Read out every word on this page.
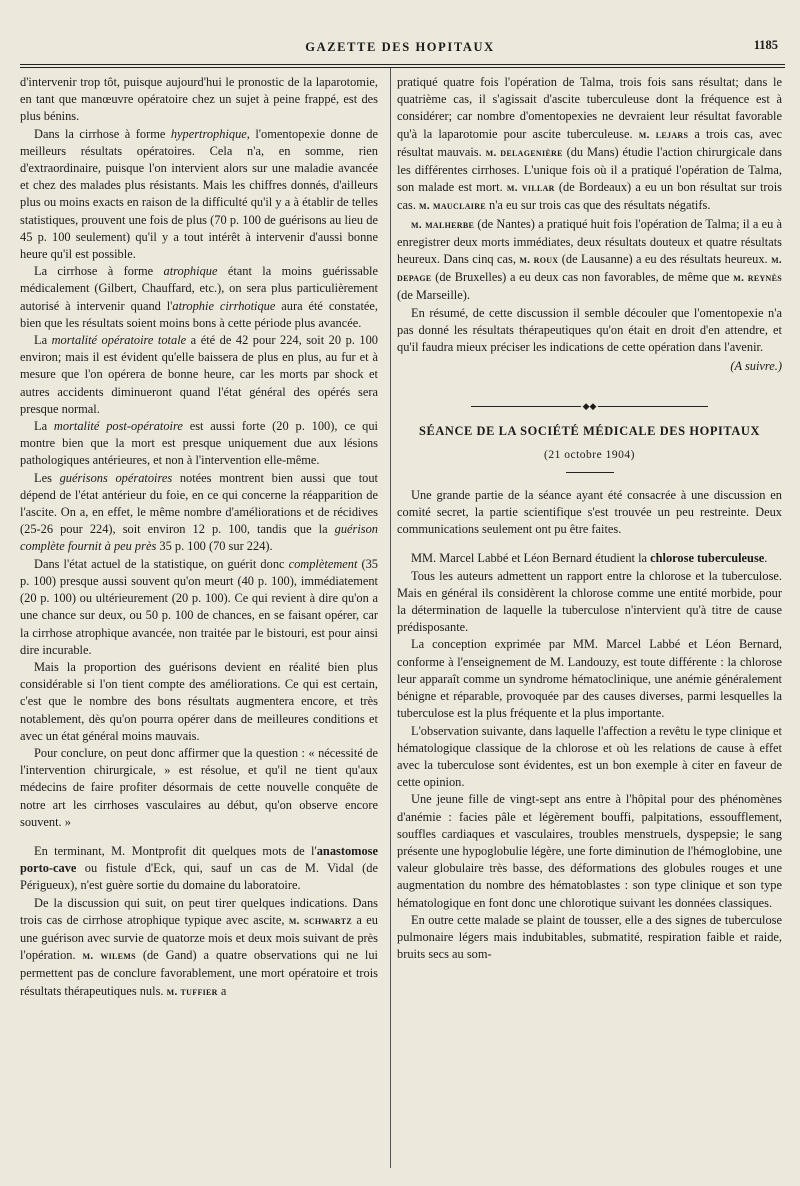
GAZETTE DES HOPITAUX	1185

d'intervenir trop tôt, puisque aujourd'hui le pronostic de la laparotomie, en tant que manœuvre opératoire chez un sujet à peine frappé, est des plus bénins.

Dans la cirrhose à forme hypertrophique, l'omentopexie donne de meilleurs résultats opératoires. Cela n'a, en somme, rien d'extraordinaire, puisque l'on intervient alors sur une maladie avancée et chez des malades plus résistants. Mais les chiffres donnés, d'ailleurs plus ou moins exacts en raison de la difficulté qu'il y a à établir de telles statistiques, prouvent une fois de plus (70 p. 100 de guérisons au lieu de 45 p. 100 seulement) qu'il y a tout intérêt à intervenir d'aussi bonne heure qu'il est possible.

La cirrhose à forme atrophique étant la moins guérissable médicalement (Gilbert, Chauffard, etc.), on sera plus particulièrement autorisé à intervenir quand l'atrophie cirrhotique aura été constatée, bien que les résultats soient moins bons à cette période plus avancée.

La mortalité opératoire totale a été de 42 pour 224, soit 20 p. 100 environ; mais il est évident qu'elle baissera de plus en plus, au fur et à mesure que l'on opérera de bonne heure, car les morts par shock et autres accidents diminueront quand l'état général des opérés sera presque normal.

La mortalité post-opératoire est aussi forte (20 p. 100), ce qui montre bien que la mort est presque uniquement due aux lésions pathologiques antérieures, et non à l'intervention elle-même.

Les guérisons opératoires notées montrent bien aussi que tout dépend de l'état antérieur du foie, en ce qui concerne la réapparition de l'ascite. On a, en effet, le même nombre d'améliorations et de récidives (25-26 pour 224), soit environ 12 p. 100, tandis que la guérison complète fournit à peu près 35 p. 100 (70 sur 224).

Dans l'état actuel de la statistique, on guérit donc complètement (35 p. 100) presque aussi souvent qu'on meurt (40 p. 100), immédiatement (20 p. 100) ou ultérieurement (20 p. 100). Ce qui revient à dire qu'on a une chance sur deux, ou 50 p. 100 de chances, en se faisant opérer, car la cirrhose atrophique avancée, non traitée par le bistouri, est pour ainsi dire incurable.

Mais la proportion des guérisons devient en réalité bien plus considérable si l'on tient compte des améliorations. Ce qui est certain, c'est que le nombre des bons résultats augmentera encore, et très notablement, dès qu'on pourra opérer dans de meilleures conditions et avec un état général moins mauvais.

Pour conclure, on peut donc affirmer que la question : « nécessité de l'intervention chirurgicale, » est résolue, et qu'il ne tient qu'aux médecins de faire profiter désormais de cette nouvelle conquête de notre art les cirrhoses vasculaires au début, qu'on observe encore souvent. »

En terminant, M. Montprofit dit quelques mots de l'anastomose porto-cave ou fistule d'Eck, qui, sauf un cas de M. Vidal (de Périgueux), n'est guère sortie du domaine du laboratoire.

De la discussion qui suit, on peut tirer quelques indications. Dans trois cas de cirrhose atrophique typique avec ascite, m. schwartz a eu une guérison avec survie de quatorze mois et deux mois suivant de près l'opération. m. wilems (de Gand) a quatre observations qui ne lui permettent pas de conclure favorablement, une mort opératoire et trois résultats thérapeutiques nuls. m. tuffier a

pratiqué quatre fois l'opération de Talma, trois fois sans résultat; dans le quatrième cas, il s'agissait d'ascite tuberculeuse dont la fréquence est à considérer; car nombre d'omentopexies ne devraient leur résultat favorable qu'à la laparotomie pour ascite tuberculeuse. m. lejars a trois cas, avec résultat mauvais. m. delagenière (du Mans) étudie l'action chirurgicale dans les différentes cirrhoses. L'unique fois où il a pratiqué l'opération de Talma, son malade est mort. m. villar (de Bordeaux) a eu un bon résultat sur trois cas. m. mauclaire n'a eu sur trois cas que des résultats négatifs.

m. malherbe (de Nantes) a pratiqué huit fois l'opération de Talma; il a eu à enregistrer deux morts immédiates, deux résultats douteux et quatre résultats heureux. Dans cinq cas, m. roux (de Lausanne) a eu des résultats heureux. m. depage (de Bruxelles) a eu deux cas non favorables, de même que m. reynès (de Marseille).

En résumé, de cette discussion il semble découler que l'omentopexie n'a pas donné les résultats thérapeutiques qu'on était en droit d'en attendre, et qu'il faudra mieux préciser les indications de cette opération dans l'avenir.

(A suivre.)
◆◆
SÉANCE DE LA SOCIÉTÉ MÉDICALE DES HOPITAUX
(21 octobre 1904)

Une grande partie de la séance ayant été consacrée à une discussion en comité secret, la partie scientifique s'est trouvée un peu restreinte. Deux communications seulement ont pu être faites.

MM. Marcel Labbé et Léon Bernard étudient la chlorose tuberculeuse.

Tous les auteurs admettent un rapport entre la chlorose et la tuberculose. Mais en général ils considèrent la chlorose comme une entité morbide, pour la détermination de laquelle la tuberculose n'intervient qu'à titre de cause prédisposante.

La conception exprimée par MM. Marcel Labbé et Léon Bernard, conforme à l'enseignement de M. Landouzy, est toute différente : la chlorose leur apparaît comme un syndrome hématoclinique, une anémie généralement bénigne et réparable, provoquée par des causes diverses, parmi lesquelles la tuberculose est la plus fréquente et la plus importante.

L'observation suivante, dans laquelle l'affection a revêtu le type clinique et hématologique classique de la chlorose et où les relations de cause à effet avec la tuberculose sont évidentes, est un bon exemple à citer en faveur de cette opinion.

Une jeune fille de vingt-sept ans entre à l'hôpital pour des phénomènes d'anémie : facies pâle et légèrement bouffi, palpitations, essoufflement, souffles cardiaques et vasculaires, troubles menstruels, dyspepsie; le sang présente une hypoglobulie légère, une forte diminution de l'hémoglobine, une valeur globulaire très basse, des déformations des globules rouges et une augmentation du nombre des hématoblastes : son type clinique et son type hématologique en font donc une chlorotique suivant les données classiques.

En outre cette malade se plaint de tousser, elle a des signes de tuberculose pulmonaire légers mais indubitables, submatité, respiration faible et raide, bruits secs au som-
